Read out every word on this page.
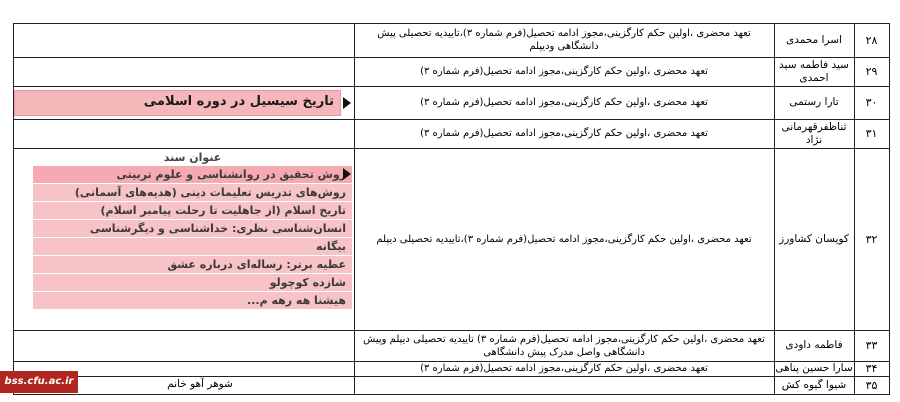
۲۸
اسرا محمدی
تعهد محضری ،اولین حکم کارگزینی،مجوز ادامه تحصیل(فرم شماره ۳)،تاییدیه تحصیلی پیش دانشگاهی ودیپلم
۲۹
سید فاطمه سید احمدی
تعهد محضری ،اولین حکم کارگزینی،مجوز ادامه تحصیل(فرم شماره ۳)
۳۰
تارا رستمی
تعهد محضری ،اولین حکم کارگزینی،مجوز ادامه تحصیل(فرم شماره ۳)
۳۱
ثناظفرقهرمانی نژاد
تعهد محضری ،اولین حکم کارگزینی،مجوز ادامه تحصیل(فرم شماره ۳)
۳۲
کویسان کشاورز
تعهد محضری ،اولین حکم کارگزینی،مجوز ادامه تحصیل(فرم شماره ۳)،تاییدیه تحصیلی دیپلم
۳۳
فاطمه داودی
تعهد محضری ،اولین حکم کارگزینی،مجوز ادامه تحصیل(فرم شماره ۳) تاییدیه تحصیلی دیپلم وپیش دانشگاهی واصل مدرک پیش دانشگاهی
۳۴
سارا حسین پناهی
تعهد محضری ،اولین حکم کارگزینی،مجوز ادامه تحصیل(فرم شماره ۳)
۳۵
شیوا گیوه کش
تاریخ سیسیل در دوره اسلامی
عنوان سند
روش تحقیق در روانشناسی و علوم تربیتی
روش‌های تدریس تعلیمات دینی (هدیه‌های آسمانی)
تاریخ اسلام (از جاهلیت تا رحلت پیامبر اسلام)
انسان‌شناسی نظری: خداشناسی و دیگرشناسی
بیگانه
عطیه برتر: رساله‌ای درباره عشق
شازده کوچولو
هیشنا هه رهه م...
شوهر آهو خانم
bss.cfu.ac.ir
